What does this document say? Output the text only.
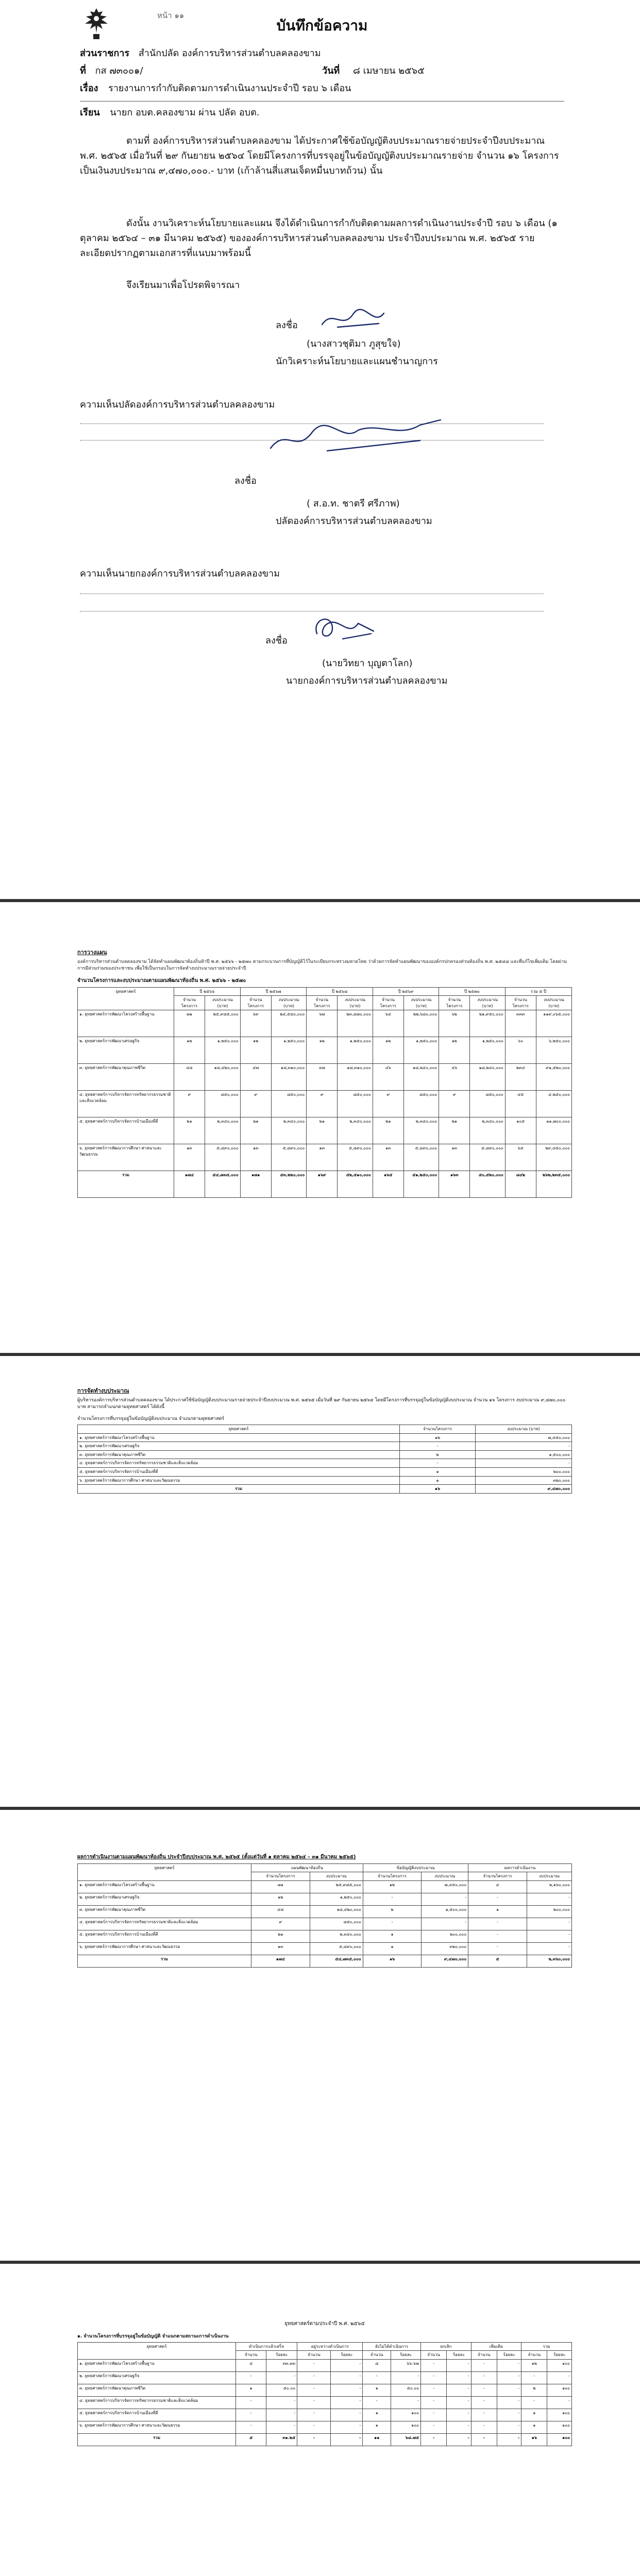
หน้า ๑๑
บันทึกข้อความ
ส่วนราชการ สำนักปลัด องค์การบริหารส่วนตำบลคลองขาม
ที่ กส ๗๓๐๐๑/	วันที่ ๘ เมษายน ๒๕๖๕
เรื่อง รายงานการกำกับติดตามการดำเนินงานประจำปี รอบ ๖ เดือน
เรียน นายก อบต.คลองขาม ผ่าน ปลัด อบต.
ตามที่ องค์การบริหารส่วนตำบลคลองขาม ได้ประกาศใช้ข้อบัญญัติงบประมาณรายจ่ายประจำปีงบประมาณ พ.ศ. ๒๕๖๕ เมื่อวันที่ ๒๙ กันยายน ๒๕๖๔ โดยมีโครงการที่บรรจุอยู่ในข้อบัญญัติงบประมาณรายจ่าย จำนวน ๑๖ โครงการ เป็นเงินงบประมาณ ๙,๔๗๐,๐๐๐.- บาท (เก้าล้านสี่แสนเจ็ดหมื่นบาทถ้วน) นั้น
ดังนั้น งานวิเคราะห์นโยบายและแผน จึงได้ดำเนินการกำกับติดตามผลการดำเนินงานประจำปี รอบ ๖ เดือน (๑ ตุลาคม ๒๕๖๔ – ๓๑ มีนาคม ๒๕๖๕) ขององค์การบริหารส่วนตำบลคลองขาม ประจำปีงบประมาณ พ.ศ. ๒๕๖๕ รายละเอียดปรากฏตามเอกสารที่แนบมาพร้อมนี้
จึงเรียนมาเพื่อโปรดพิจารณา
ลงชื่อ
(นางสาวชุติมา ภูสุขใจ)
นักวิเคราะห์นโยบายและแผนชำนาญการ
ความเห็นปลัดองค์การบริหารส่วนตำบลคลองขาม
ลงชื่อ
( ส.อ.ท. ชาตรี ศรีภาพ)
ปลัดองค์การบริหารส่วนตำบลคลองขาม
ความเห็นนายกองค์การบริหารส่วนตำบลคลองขาม
ลงชื่อ
(นายวิทยา บุญตาโลก)
นายกองค์การบริหารส่วนตำบลคลองขาม
การวางแผน
องค์การบริหารส่วนตำบลคลองขาม ได้จัดทำแผนพัฒนาท้องถิ่นห้าปี พ.ศ. ๒๕๖๖ - ๒๕๗๐ ตามกระบวนการที่บัญญัติไว้ในระเบียบกระทรวงมหาดไทย ว่าด้วยการจัดทำแผนพัฒนาขององค์กรปกครองส่วนท้องถิ่น พ.ศ. ๒๕๔๘ และที่แก้ไขเพิ่มเติม โดยผ่านการมีส่วนร่วมของประชาชน เพื่อใช้เป็นกรอบในการจัดทำงบประมาณรายจ่ายประจำปี
จำนวนโครงการและงบประมาณตามแผนพัฒนาท้องถิ่น พ.ศ. ๒๕๖๖ - ๒๕๗๐
ยุทธศาสตร์	ปี ๒๕๖๖		ปี ๒๕๖๗		ปี ๒๕๖๘		ปี ๒๕๖๙		ปี ๒๕๗๐		รวม ๕ ปี	
	จำนวนโครงการ	งบประมาณ (บาท)	จำนวนโครงการ	งบประมาณ (บาท)	จำนวนโครงการ	งบประมาณ (บาท)	จำนวนโครงการ	งบประมาณ (บาท)	จำนวนโครงการ	งบประมาณ (บาท)	จำนวนโครงการ	งบประมาณ (บาท)
๑. ยุทธศาสตร์การพัฒนาโครงสร้างพื้นฐาน	๗๑	๒๕,๙๘๕,๐๐๐	๖๙	๒๔,๕๘๐,๐๐๐	๖๗	๒๓,๘๗๐,๐๐๐	๖๔	๒๒,๖๘๐,๐๐๐	๖๒	๒๑,๙๕๐,๐๐๐	๓๓๓	๑๑๙,๐๖๕,๐๐๐
๒. ยุทธศาสตร์การพัฒนาเศรษฐกิจ	๑๒	๑,๒๕๐,๐๐๐	๑๒	๑,๒๕๐,๐๐๐	๑๒	๑,๒๕๐,๐๐๐	๑๒	๑,๒๕๐,๐๐๐	๑๒	๑,๒๕๐,๐๐๐	๖๐	๖,๒๕๐,๐๐๐
๓. ยุทธศาสตร์การพัฒนาคุณภาพชีวิต	๔๘	๑๘,๔๒๐,๐๐๐	๔๗	๑๘,๓๑๐,๐๐๐	๔๗	๑๘,๓๑๐,๐๐๐	๔๖	๑๘,๒๔๐,๐๐๐	๔๖	๑๘,๒๔๐,๐๐๐	๒๓๔	๙๑,๕๒๐,๐๐๐
๔. ยุทธศาสตร์การบริหารจัดการทรัพยากรธรรมชาติและสิ่งแวดล้อม	๙	๘๕๐,๐๐๐	๙	๘๕๐,๐๐๐	๙	๘๕๐,๐๐๐	๙	๘๕๐,๐๐๐	๙	๘๕๐,๐๐๐	๔๕	๔,๒๕๐,๐๐๐
๕. ยุทธศาสตร์การบริหารจัดการบ้านเมืองที่ดี	๒๑	๒,๓๔๐,๐๐๐	๒๑	๒,๓๔๐,๐๐๐	๒๑	๒,๓๔๐,๐๐๐	๒๑	๒,๓๔๐,๐๐๐	๒๑	๒,๓๔๐,๐๐๐	๑๐๕	๑๑,๗๐๐,๐๐๐
๖. ยุทธศาสตร์การพัฒนาการศึกษา ศาสนาและวัฒนธรรม	๑๓	๕,๘๙๐,๐๐๐	๑๓	๕,๘๙๐,๐๐๐	๑๓	๕,๘๙๐,๐๐๐	๑๓	๕,๘๙๐,๐๐๐	๑๓	๕,๘๙๐,๐๐๐	๖๕	๒๙,๔๕๐,๐๐๐
รวม	๑๗๔	๕๔,๗๓๕,๐๐๐	๑๗๑	๕๓,๒๒๐,๐๐๐	๑๖๙	๕๒,๕๑๐,๐๐๐	๑๖๕	๕๑,๒๕๐,๐๐๐	๑๖๓	๕๐,๕๒๐,๐๐๐	๘๔๒	๒๖๒,๒๓๕,๐๐๐
การจัดทำงบประมาณ
ผู้บริหารองค์การบริหารส่วนตำบลคลองขาม ได้ประกาศใช้ข้อบัญญัติงบประมาณรายจ่ายประจำปีงบประมาณ พ.ศ. ๒๕๖๕ เมื่อวันที่ ๒๙ กันยายน ๒๕๖๔ โดยมีโครงการที่บรรจุอยู่ในข้อบัญญัติงบประมาณ จำนวน ๑๖ โครงการ งบประมาณ ๙,๔๗๐,๐๐๐ บาท สามารถจำแนกตามยุทธศาสตร์ ได้ดังนี้
จำนวนโครงการที่บรรจุอยู่ในข้อบัญญัติงบประมาณ จำแนกตามยุทธศาสตร์
ยุทธศาสตร์	จำนวนโครงการ	งบประมาณ (บาท)
๑. ยุทธศาสตร์การพัฒนาโครงสร้างพื้นฐาน	๑๒	๗,๔๕๐,๐๐๐
๒. ยุทธศาสตร์การพัฒนาเศรษฐกิจ	-	-
๓. ยุทธศาสตร์การพัฒนาคุณภาพชีวิต	๒	๑,๕๐๐,๐๐๐
๔. ยุทธศาสตร์การบริหารจัดการทรัพยากรธรรมชาติและสิ่งแวดล้อม	-	-
๕. ยุทธศาสตร์การบริหารจัดการบ้านเมืองที่ดี	๑	๒๐๐,๐๐๐
๖. ยุทธศาสตร์การพัฒนาการศึกษา ศาสนาและวัฒนธรรม	๑	๓๒๐,๐๐๐
รวม	๑๖	๙,๔๗๐,๐๐๐
ผลการดำเนินงานตามแผนพัฒนาท้องถิ่น ประจำปีงบประมาณ พ.ศ. ๒๕๖๕ (ตั้งแต่วันที่ ๑ ตุลาคม ๒๕๖๔ – ๓๑ มีนาคม ๒๕๖๕)
ยุทธศาสตร์	แผนพัฒนาท้องถิ่น		ข้อบัญญัติงบประมาณ		ผลการดำเนินงาน	
	จำนวนโครงการ	งบประมาณ	จำนวนโครงการ	งบประมาณ	จำนวนโครงการ	งบประมาณ
๑. ยุทธศาสตร์การพัฒนาโครงสร้างพื้นฐาน	๗๑	๒๕,๙๘๕,๐๐๐	๑๒	๗,๔๕๐,๐๐๐	๔	๒,๑๖๐,๐๐๐
๒. ยุทธศาสตร์การพัฒนาเศรษฐกิจ	๑๒	๑,๒๕๐,๐๐๐	-	-	-	-
๓. ยุทธศาสตร์การพัฒนาคุณภาพชีวิต	๔๘	๑๘,๔๒๐,๐๐๐	๒	๑,๕๐๐,๐๐๐	๑	๒๐๐,๐๐๐
๔. ยุทธศาสตร์การบริหารจัดการทรัพยากรธรรมชาติและสิ่งแวดล้อม	๙	๘๕๐,๐๐๐	-	-	-	-
๕. ยุทธศาสตร์การบริหารจัดการบ้านเมืองที่ดี	๒๑	๒,๓๔๐,๐๐๐	๑	๒๐๐,๐๐๐	-	-
๖. ยุทธศาสตร์การพัฒนาการศึกษา ศาสนาและวัฒนธรรม	๑๓	๕,๘๙๐,๐๐๐	๑	๓๒๐,๐๐๐	-	-
รวม	๑๗๔	๕๔,๗๓๕,๐๐๐	๑๖	๙,๔๗๐,๐๐๐	๕	๒,๓๖๐,๐๐๐
ยุทธศาสตร์ตามประจำปี พ.ศ. ๒๕๖๕
๑. จำนวนโครงการที่บรรจุอยู่ในข้อบัญญัติ จำแนกตามสถานะการดำเนินงาน
ยุทธศาสตร์	ดำเนินการแล้วเสร็จ		อยู่ระหว่างดำเนินการ		ยังไม่ได้ดำเนินการ		ยกเลิก		เพิ่มเติม		รวม	
	จำนวน	ร้อยละ	จำนวน	ร้อยละ	จำนวน	ร้อยละ	จำนวน	ร้อยละ	จำนวน	ร้อยละ	จำนวน	ร้อยละ
๑. ยุทธศาสตร์การพัฒนาโครงสร้างพื้นฐาน	๔	๓๓.๓๓	-	-	๘	๖๖.๖๗	-	-	-	-	๑๒	๑๐๐
๒. ยุทธศาสตร์การพัฒนาเศรษฐกิจ	-	-	-	-	-	-	-	-	-	-	-	-
๓. ยุทธศาสตร์การพัฒนาคุณภาพชีวิต	๑	๕๐.๐๐	-	-	๑	๕๐.๐๐	-	-	-	-	๒	๑๐๐
๔. ยุทธศาสตร์การบริหารจัดการทรัพยากรธรรมชาติและสิ่งแวดล้อม	-	-	-	-	-	-	-	-	-	-	-	-
๕. ยุทธศาสตร์การบริหารจัดการบ้านเมืองที่ดี	-	-	-	-	๑	๑๐๐	-	-	-	-	๑	๑๐๐
๖. ยุทธศาสตร์การพัฒนาการศึกษา ศาสนาและวัฒนธรรม	-	-	-	-	๑	๑๐๐	-	-	-	-	๑	๑๐๐
รวม	๕	๓๑.๒๕	-	-	๑๑	๖๘.๗๕	-	-	-	-	๑๖	๑๐๐
